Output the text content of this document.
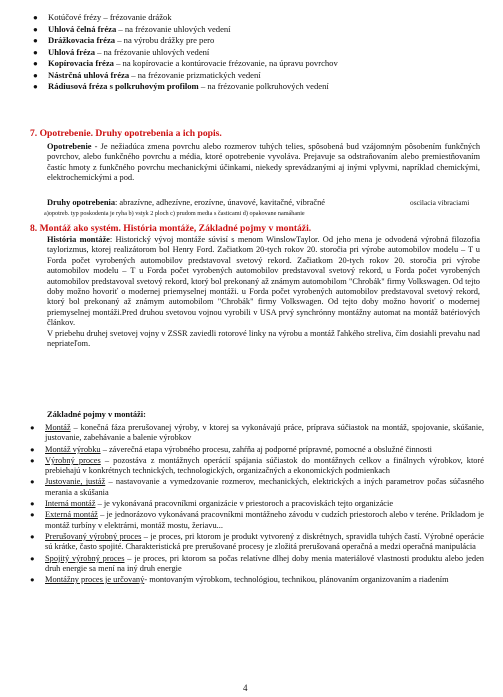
● Kotúčové frézy – frézovanie drážok
● Uhlová čelná fréza – na frézovanie uhlových vedení
● Drážkovacia fréza – na výrobu drážky pre pero
● Uhlová fréza – na frézovanie uhlových vedení
● Kopírovacia fréza – na kopírovacie a kontúrovacie frézovanie, na úpravu povrchov
● Nástrčná uhlová fréza – na frézovanie prizmatických vedení
● Rádiusová fréza s polkruhovým profilom – na frézovanie polkruhových vedení
7. Opotrebenie. Druhy opotrebenia a ich popis.

Opotrebenie - Je nežiadúca zmena povrchu alebo rozmerov tuhých telies, spôsobená bud vzájomným pôsobením funkčných povrchov, alebo funkčného povrchu a média, ktoré opotrebenie vyvoláva. Prejavuje sa odstraňovaním alebo premiestňovaním častíc hmoty z funkčného povrchu mechanickými účinkami, niekedy sprevádzanými aj inými vplyvmi, napríklad chemickými, elektrochemickými a pod.

Druhy opotrebenia: abrazívne, adhezívne, erozívne, únavové, kavitačné, vibračné	oscilacia vibraciami
a)opotreb. typ poskodenia je ryha b) vstyk 2 ploch c) prudom media s časticami d) opakovane namáhanie
8. Montáž ako systém. História montáže, Základné pojmy v montáži.

História montáže: Historický vývoj montáže súvisí s menom WinslowTaylor. Od jeho mena je odvodená výrobná filozofia taylorizmus, ktorej realizátorom bol Henry Ford. Začiatkom 20-tych rokov 20. storočia pri výrobe automobilov modelu – T u Forda počet vyrobených automobilov predstavoval svetový rekord. Začiatkom 20-tych rokov 20. storočia pri výrobe automobilov modelu – T u Forda počet vyrobených automobilov predstavoval svetový rekord, u Forda počet vyrobených automobilov predstavoval svetový rekord, ktorý bol prekonaný až známym automobilom "Chrobák" firmy Volkswagen. Od tejto doby možno hovoriť o modernej priemyselnej montáži. u Forda počet vyrobených automobilov predstavoval svetový rekord, ktorý bol prekonaný až známym automobilom "Chrobák" firmy Volkswagen. Od tejto doby možno hovoriť o modernej priemyselnej montáži.Pred druhou svetovou vojnou vyrobili v USA prvý synchrónny montážny automat na montáž batériových článkov.

V priebehu druhej svetovej vojny v ZSSR zaviedli rotorové linky na výrobu a montáž ľahkého streliva, čím dosiahli prevahu nad nepriateľom.

Základné pojmy v montáži:
● Montáž – konečná fáza prerušovanej výroby, v ktorej sa vykonávajú práce, príprava súčiastok na montáž, spojovanie, skúšanie, justovanie, zabehávanie a balenie výrobkov
● Montáž výrobku – záverečná etapa výrobného procesu, zahŕňa aj podporné prípravné, pomocné a obslužné činnosti
● Výrobný proces – pozostáva z montážnych operácií spájania súčiastok do montážnych celkov a finálnych výrobkov, ktoré prebiehajú v konkrétnych technických, technologických, organizačných a ekonomických podmienkach
● Justovanie, justáž – nastavovanie a vymedzovanie rozmerov, mechanických, elektrických a iných parametrov počas súčasného merania a skúšania
● Interná montáž – je vykonávaná pracovníkmi organizácie v priestoroch a pracoviskách tejto organizácie
● Externá montáž – je jednorázovo vykonávaná pracovníkmi montážneho závodu v cudzích priestoroch alebo v teréne. Príkladom je montáž turbíny v elektrárni, montáž mostu, žeriavu...
● Prerušovaný výrobný proces – je proces, pri ktorom je produkt vytvorený z diskrétnych, spravidla tuhých častí. Výrobné operácie sú krátke, často spojité. Charakteristická pre prerušované procesy je zložitá prerušovaná operačná a medzi operačná manipulácia
● Spojitý výrobný proces – je proces, pri ktorom sa počas relatívne dlhej doby menia materiálové vlastnosti produktu alebo jeden druh energie sa mení na iný druh energie
● Montážny proces je určovaný- montovaným výrobkom, technológiou, technikou, plánovaním organizovaním a riadením
4
